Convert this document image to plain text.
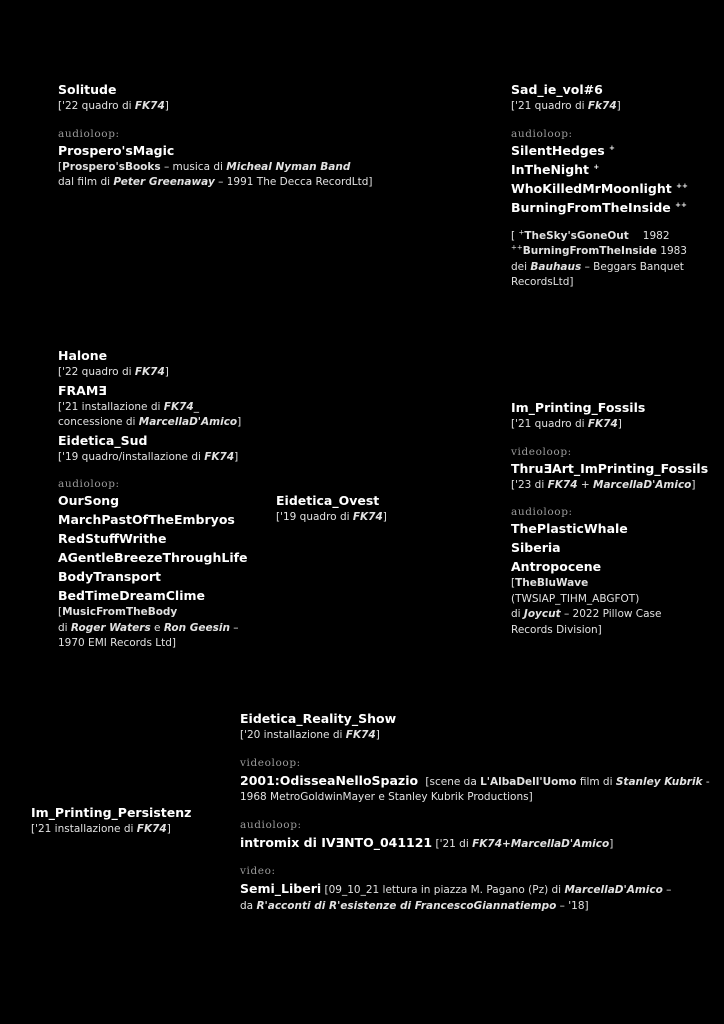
Solitude
['22 quadro di FK74]
audioloop:
Prospero'sMagic
[Prospero'sBooks – musica di Micheal Nyman Band
dal film di Peter Greenaway – 1991 The Decca RecordLtd]
Sad_ie_vol#6
['21 quadro di Fk74]
audioloop:
SilentHedges +
InTheNight +
WhoKilledMrMoonlight ++
BurningFromTheInside ++
[ +TheSky'sGoneOut 1982
++BurningFromTheInside 1983
dei Bauhaus – Beggars Banquet
RecordsLtd]
Halone
['22 quadro di FK74]
FRAMƎ
['21 installazione di FK74_
concessione di MarcellaD'Amico]
Eidetica_Sud
['19 quadro/installazione di FK74]
audioloop:
OurSong
MarchPastOfTheEmbryos
RedStuffWrithe
AGentleBreezeThroughLife
BodyTransport
BedTimeDreamClime
[MusicFromTheBody
di Roger Waters e Ron Geesin –
1970 EMI Records Ltd]
Eidetica_Ovest
['19 quadro di FK74]
Im_Printing_Fossils
['21 quadro di FK74]
videoloop:
ThruƎArt_ImPrinting_Fossils
['23 di FK74 + MarcellaD'Amico]
audioloop:
ThePlasticWhale
Siberia
Antropocene
[TheBluWave
(TWSIAP_TIHM_ABGFOT)
di Joycut – 2022 Pillow Case
Records Division]
Eidetica_Reality_Show
['20 installazione di FK74]
videoloop:
2001:OdisseaNelloSpazio [scene da L'AlbaDell'Uomo film di Stanley Kubrik -
1968 MetroGoldwinMayer e Stanley Kubrik Productions]
audioloop:
intromix di IVƎNTO_041121 ['21 di FK74+MarcellaD'Amico]
video:
Semi_Liberi [09_10_21 lettura in piazza M. Pagano (Pz) di MarcellaD'Amico –
da R'acconti di R'esistenze di FrancescoGiannatiempo – '18]
Im_Printing_Persistenz
['21 installazione di FK74]
